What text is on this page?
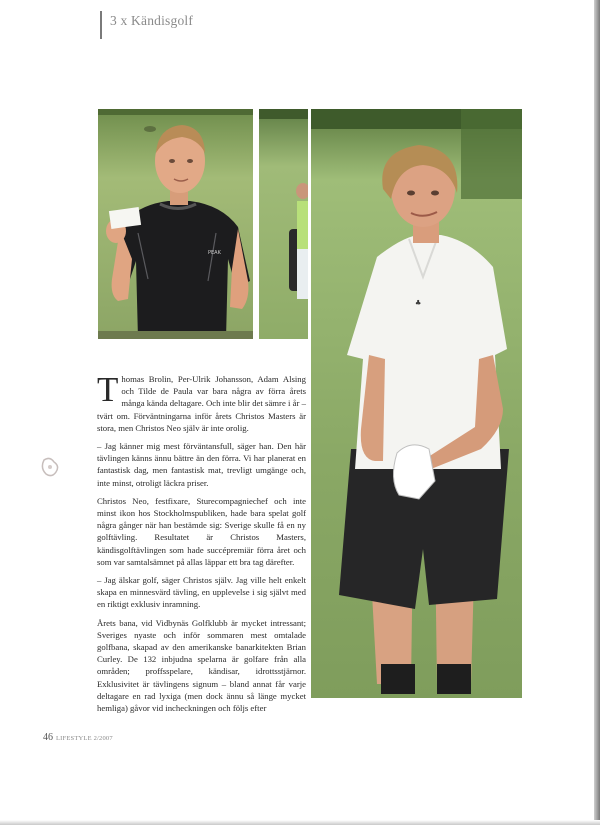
3 x Kändisgolf
PEAK
♣

Thomas Brolin, Per-Ulrik Johansson, Adam Alsing och Tilde de Paula var bara några av förra årets många kända deltagare. Och inte blir det sämre i år – tvärt om. Förväntningarna inför årets Christos Masters är stora, men Christos Neo själv är inte orolig.

– Jag känner mig mest förväntansfull, säger han. Den här tävlingen känns ännu bättre än den förra. Vi har planerat en fantastisk dag, men fantastisk mat, trevligt umgänge och, inte minst, otroligt läckra priser.

Christos Neo, festfixare, Sturecompagniechef och inte minst ikon hos Stockholmspubliken, hade bara spelat golf några gånger när han bestämde sig: Sverige skulle få en ny golftävling. Resultatet är Christos Masters, kändisgolftävlingen som hade succépremiär förra året och som var samtalsämnet på allas läppar ett bra tag därefter.

– Jag älskar golf, säger Christos själv. Jag ville helt enkelt skapa en minnesvärd tävling, en upplevelse i sig självt med en riktigt exklusiv inramning.

Årets bana, vid Vidbynäs Golfklubb är mycket intressant; Sveriges nyaste och inför sommaren mest omtalade golfbana, skapad av den amerikanske banarkitekten Brian Curley. De 132 inbjudna spelarna är golfare från alla områden; proffsspelare, kändisar, idrottsstjärnor. Exklusivitet är tävlingens signum – bland annat får varje deltagare en rad lyxiga (men dock ännu så länge mycket hemliga) gåvor vid incheckningen och följs efter

46 LIFESTYLE 2/2007
